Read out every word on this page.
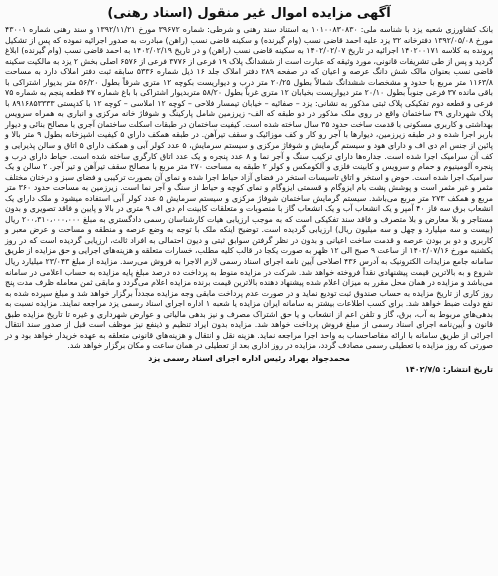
آگهی مزایده اموال غیر منقول (اسناد رهنی)

بانک کشاورزی شعبه یزد با شناسه ملی: ۱۰۱۰۰۸۳۰۸۳۰ به استناد سند رهنی و شرطی: شماره ۳۹۶۷۲ مورخ ۱۳۹۲/۱۱/۲۱ و سند رهنی شماره ۴۳۰۰۱ مورخ ۱۳۹۲/۰۵/۰۸ دفترخانه ۳۲ یزد علیه احمد قاضی نسب (وام گیرنده) و سکینه قاضی نسب (راهن) مبادرت به صدور اجرائیه نموده که پس از تشکیل پرونده به کلاسه ۱۴۰۲۰۰۱۷۱ اجرائیه در تاریخ ۱۴۰۲/۰۲/۰۷ به سکینه قاضی نسب (راهن) و در تاریخ ۱۴۰۲/۰۲/۱۹ به احمد قاضی نسب (وام گیرنده) ابلاغ گردید و پس از طی تشریفات قانونی، مورد وثیقه که عبارت است از ششدانگ پلاک ۱۹ فرعی از ۳۷۷۶ فرعی از ۶۵۷۶ اصلی بخش ۲ یزد به مالکیت سکینه قاضی نسب بعنوان مالک شش دانگ عرصه و اعیان که در صفحه ۲۸۹ دفتر املاک جلد ۱۶ ذیل شماره ۵۳۳۶ سابقه ثبت دفتر املاک دارد به مساحت ۱۱۶۳/۸ متر مربع با حدود و مشخصات ششدانگ شمالاً بطول ۲۰/۲۵ متر درب و دیواریست بکوچه ۱۲ متری شرقاً بطول ۵۶/۲۰ متر بدیوار اشتراکی با باقی مانده ۳۷ فرعی جنوباً بطول ۲۰/۱۰ متر دیواریست بخیابان ۱۲ متری غرباً بطول ۵۸/۲۰ متربدیوار اشتراکی با باغ شماره ۴۷ قطعه پنجم به شماره ۷۵ فرعی و قطعه دوم تفکیکی پلاک ثبتی مذکور به نشانی: یزد – صفائیه – خیابان تیمسار فلاحی – کوچه ۱۲ املاسی – کوچه ۱۲ با کدپستی ۸۹۱۶۸۵۳۳۳۳ با پلاک شهرداری ۳۹ ساختمان واقع در روی ملک مذکور در دو طبقه که الف- زیرزمین شامل پارکینگ و شوفاژ خانه مرکزی و انباری به همراه سرویس بهداشتی و کاربری مسکونی با قدمت ساخت حدود ۳۵ سال ساخته شده است. کیفیت ساختمان در طبقات اسکلت ساختمان آجری با مصالح بنائی و دیوار باربر اجرا شده و در طبقه زیرزمین، دیوارها با آجر رو کار و کف موزائیک و سقف تیرآهن. در طبقه همکف دارای ۵ کیفیت اشپزخانه بطول ۹ متر بالا و پائین از جنس ام دی اف و دارای هود و سیستم گرمایش و شوفاژ مرکزی و سیستم سرمایش، ۵ عدد کولر آبی و همکف دارای ۵ اتاق و سالن پذیرایی و کف آن سرامیک اجرا شده است. جداره‌ها دارای ترکیب سنگ و آجر نما و ۸ عدد پنجره و یک عدد اتاق کارگری ساخته شده است. حیاط دارای درب و پنجره آلومینیوم و حمام و سرویس و کابینت فلزی و آلکومکس و کولر ۲ طبقه به مساحت ۲۷۰ متر مربع با مصالح سقف تیرآهن و تیر آجر. ۲ سالن و یک سرامیک اجرا شده است. حوض و استخر و اتاق تاسیسات استخر در فضای آزاد حیاط اجرا شده و نمای آن بصورت ترکیبی و فضای سبز و درختان مختلف مثمر و غیر مثمر است و پوشش پشت بام ایزوگام و قسمتی ایزوگام و نمای کوچه و حیاط از سنگ و آجر نما است. زیرزمین به مساحت حدود ۳۶۰ متر مربع و همکف ۲۷۳ متر مربع می‌باشد. سیستم گرمایش ساختمان شوفاژ مرکزی و سیستم سرمایش ۵ عدد کولر آبی استفاده میشود و ملک دارای یک انشعاب برق سه فاز ۴۰ آمپر و یک انشعاب آب و یک انشعاب گاز با منصوبات و متعلقات کابینت ام دی اف ۹ متری در بالا و پایین و فاقد تصویری و بدون مستاجر و بلا معارض و بلا متصرف و فاقد سند تفکیکی است که به موجب ارزیابی هیات کارشناسان رسمی دادگستری به مبلغ ۲۰۰،۳۱۰،۰۰۰،۰۰۰ ریال (بیست و سه میلیارد و چهل و سه میلیون ریال) ارزیابی گردیده است. توضیح اینکه ملک با توجه به وضع عرصه و منطقه و مساحت و عرض معبر و کاربری و دو بر بودن عرصه و قدمت ساخت اعیانی و بدون در نظر گرفتن سوابق ثبتی و دیون احتمالی به افراد ثالث، ارزیابی گردیده است که در روز یکشنبه مورخ ۱۴۰۲/۰۷/۱۶ از ساعت ۹ صبح الی ۱۲ ظهر به صورت یکجا در قالب کلیه مطلب، خسارات متعلقه و هزینه‌های اجرایی و حق مزایده از طریق سامانه جامع مزایدات الکترونیک به آدرس ۴۳۶ اصلاحی آیین نامه اجرای اسناد رسمی لازم الاجرا به فروش می‌رسد. مزایده از مبلغ ۲۳/۰۴۳ میلیارد ریال شروع و به بالاترین قیمت پیشنهادی نقداً فروخته خواهد شد. شرکت در مزایده منوط به پرداخت ده درصد مبلغ پایه مزایده به حساب اعلامی در سامانه می‌باشد و مزایده در همان محل مقرر به میزان اعلام شده پیشنهاد دهنده بالاترین قیمت برنده مزایده اعلام می‌گردد و مابقی ثمن معامله ظرف مدت پنج روز کاری از تاریخ مزایده به حساب صندوق ثبت تودیع نماید و در صورت عدم پرداخت مابقی وجه مزایده مجدداً برگزار خواهد شد و مبلغ سپرده شده به نفع دولت ضبط خواهد شد. برای کسب اطلاعات بیشتر به سامانه ایران مزایده یا شعبه ۱ اداره اجرای اسناد رسمی یزد مراجعه نمایند. مزایده نسبت به بدهی‌های مربوط به آب، برق، گاز و تلفن اعم از انشعاب و یا حق اشتراک مصرف و نیز بدهی مالیاتی و عوارض شهرداری و غیره تا تاریخ مزایده طبق قانون و آیین‌نامه اجرای اسناد رسمی از مبلغ فروش پرداخت خواهد شد. مزایده بدون ایراد تنظیم و ذینفع نیز موظف است قبل از صدور سند انتقال اجرائی از طریق سامانه با ارائه مفاصاحساب به واحد اجرا مراجعه نماید. هزینه نقل و انتقال و هزینه‌های قانونی متعلقه به عهده خریدار خواهد بود و در صورتی که روز مزایده با تعطیلی رسمی مصادف گردد، مزایده در روز اداری بعد از تعطیلی در همان ساعت و مکان برگزار خواهد شد.

محمدجواد بهراد رئیس اداره اجرای اسناد رسمی یزد

تاریخ انتشار: ۱۴۰۲/۷/۵
